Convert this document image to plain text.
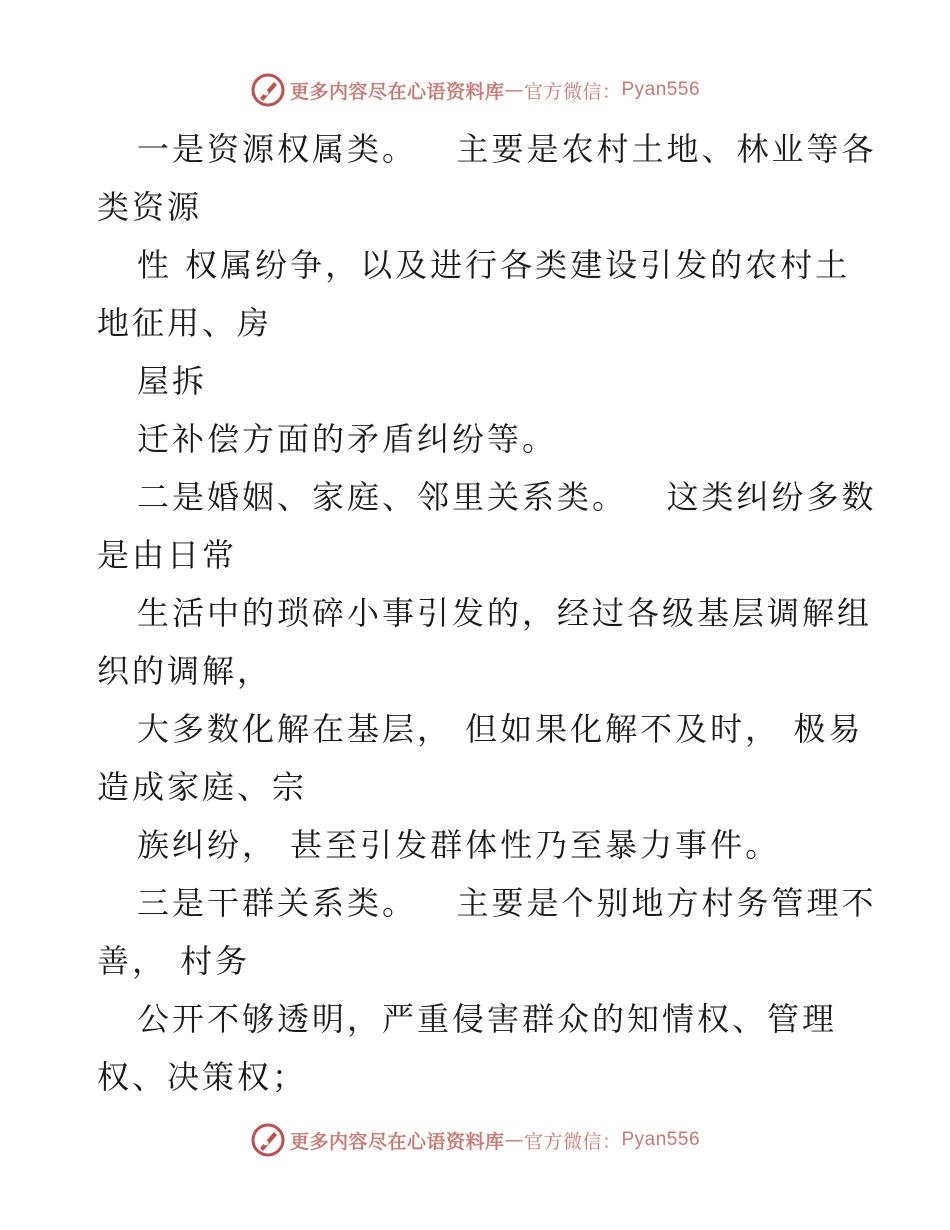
更多内容尽在心语资料库 — 官方微信： Pyan556
一是资源权属类。   主要是农村土地、林业等各
类资源
性 权属纷争，以及进行各类建设引发的农村土
地征用、房
屋拆
迁补偿方面的矛盾纠纷等。
二是婚姻、家庭、邻里关系类。   这类纠纷多数
是由日常
生活中的琐碎小事引发的，经过各级基层调解组
织的调解，
大多数化解在基层， 但如果化解不及时， 极易
造成家庭、宗
族纠纷， 甚至引发群体性乃至暴力事件。
三是干群关系类。   主要是个别地方村务管理不
善， 村务
公开不够透明，严重侵害群众的知情权、管理
权、决策权；
更多内容尽在心语资料库 — 官方微信： Pyan556
